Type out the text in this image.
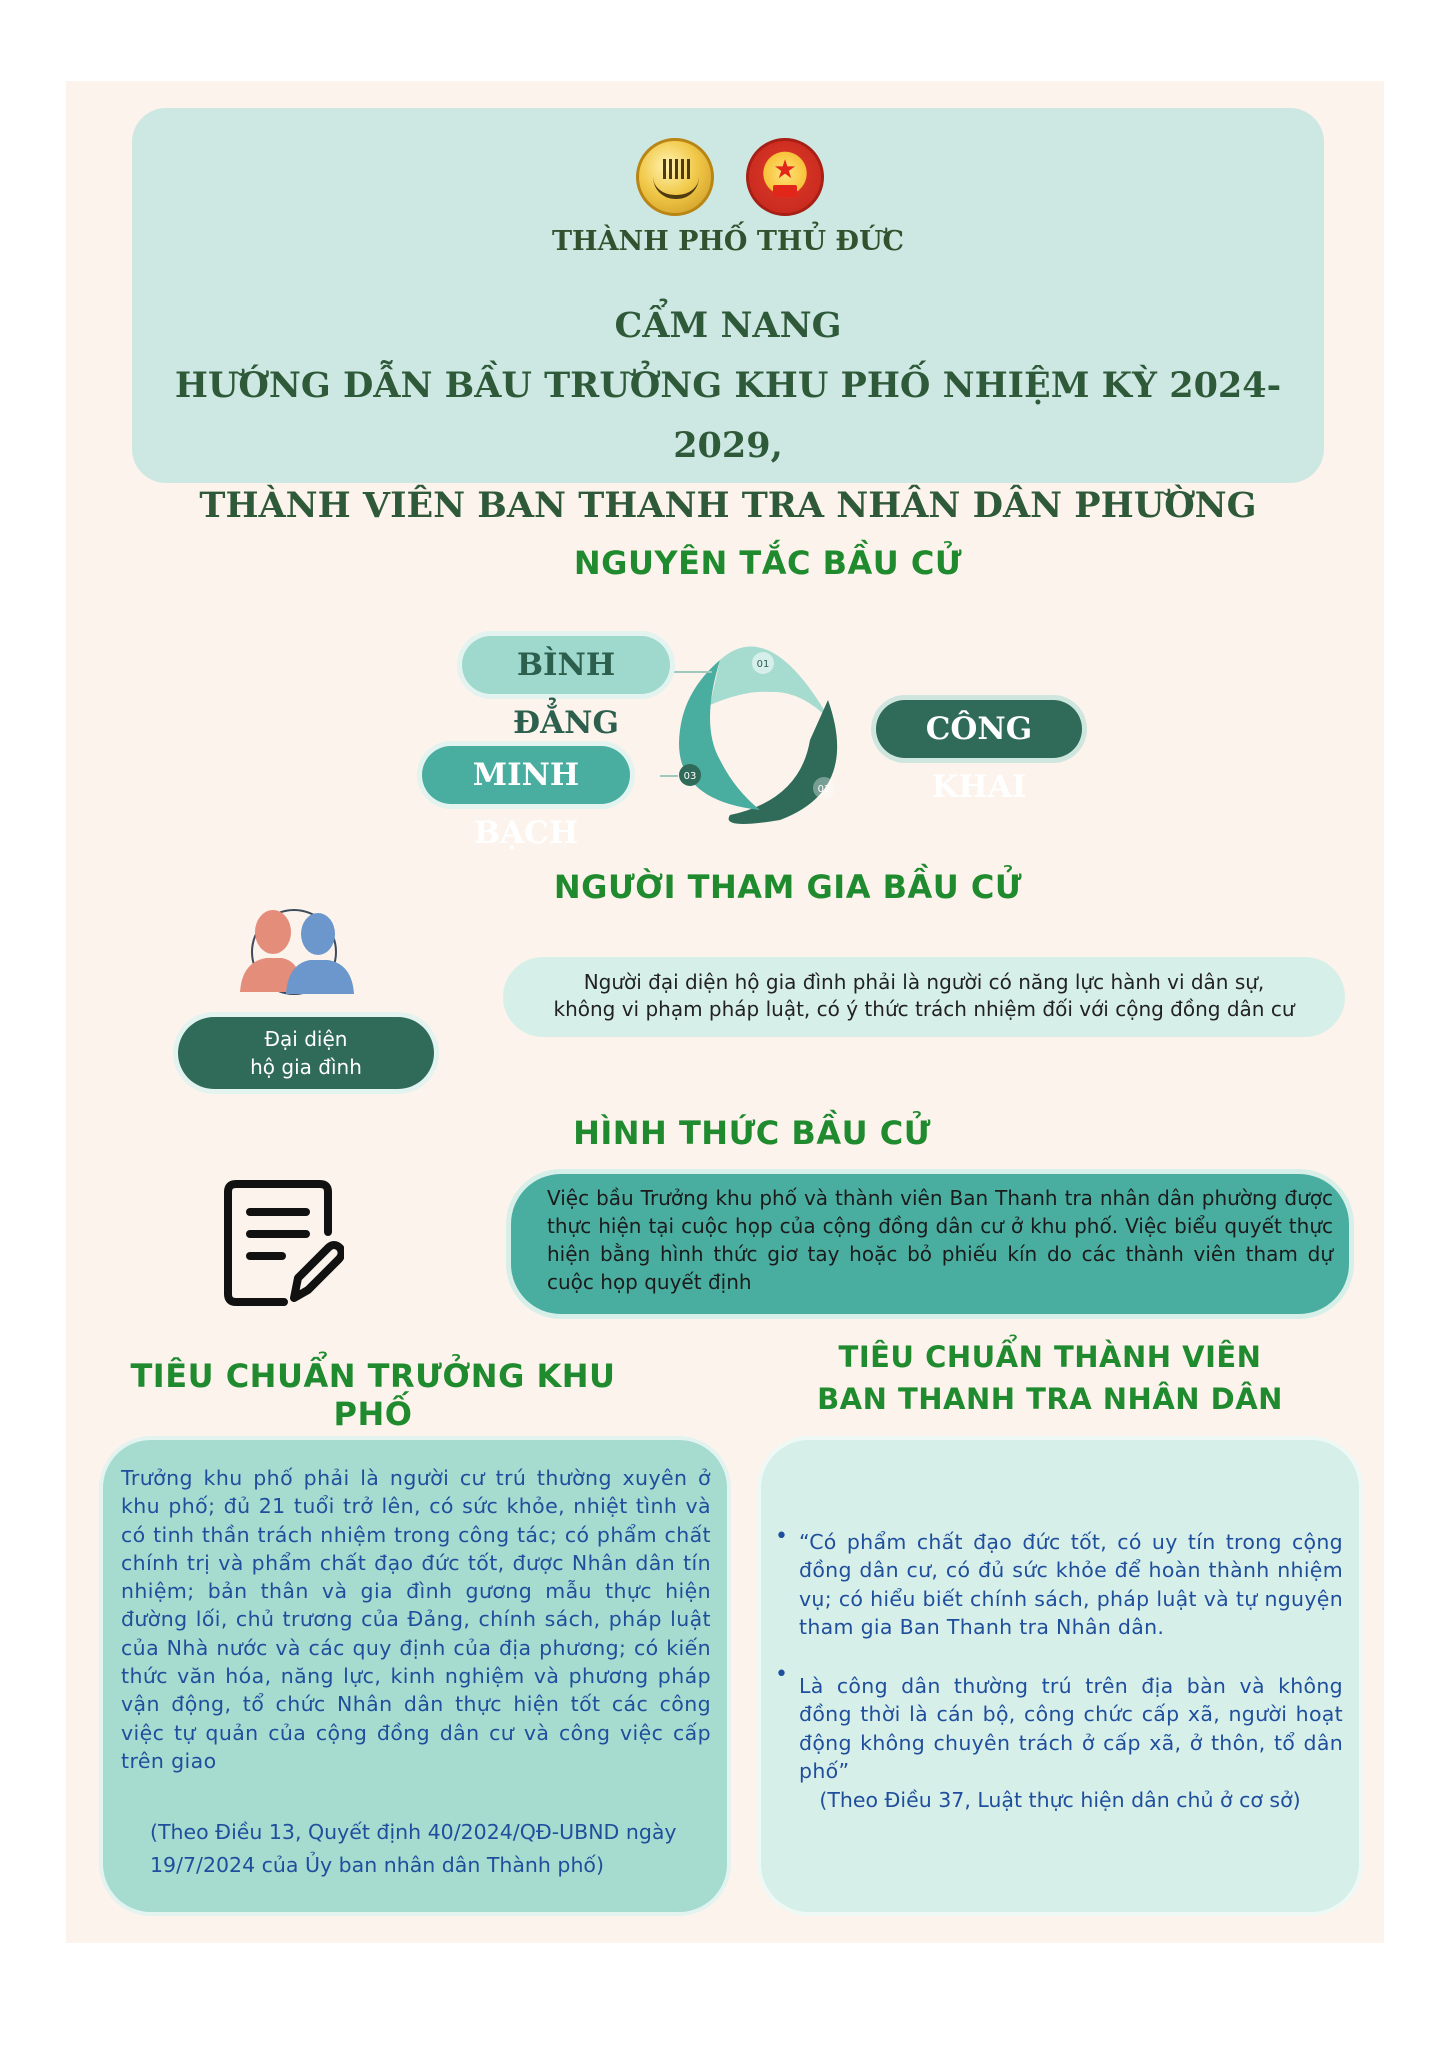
★
THÀNH PHỐ THỦ ĐỨC
CẨM NANG
HƯỚNG DẪN BẦU TRƯỞNG KHU PHỐ NHIỆM KỲ 2024-2029,
THÀNH VIÊN BAN THANH TRA NHÂN DÂN PHƯỜNG
NGUYÊN TẮC BẦU CỬ
01
02
03
BÌNH ĐẲNG	CÔNG KHAI
MINH BẠCH
NGƯỜI THAM GIA BẦU CỬ
Đại diện
hộ gia đình
Người đại diện hộ gia đình phải là người có năng lực hành vi dân sự,
không vi phạm pháp luật, có ý thức trách nhiệm đối với cộng đồng dân cư
HÌNH THỨC BẦU CỬ
Việc bầu Trưởng khu phố và thành viên Ban Thanh tra nhân dân phường được thực hiện tại cuộc họp của cộng đồng dân cư ở khu phố. Việc biểu quyết thực hiện bằng hình thức giơ tay hoặc bỏ phiếu kín do các thành viên tham dự cuộc họp quyết định
TIÊU CHUẨN TRƯỞNG KHU PHỐ
TIÊU CHUẨN THÀNH VIÊN
BAN THANH TRA NHÂN DÂN
Trưởng khu phố phải là người cư trú thường xuyên ở khu phố; đủ 21 tuổi trở lên, có sức khỏe, nhiệt tình và có tinh thần trách nhiệm trong công tác; có phẩm chất chính trị và phẩm chất đạo đức tốt, được Nhân dân tín nhiệm; bản thân và gia đình gương mẫu thực hiện đường lối, chủ trương của Đảng, chính sách, pháp luật của Nhà nước và các quy định của địa phương; có kiến thức văn hóa, năng lực, kinh nghiệm và phương pháp vận động, tổ chức Nhân dân thực hiện tốt các công việc tự quản của cộng đồng dân cư và công việc cấp trên giao
(Theo Điều 13, Quyết định 40/2024/QĐ-UBND ngày
19/7/2024 của Ủy ban nhân dân Thành phố)
• “Có phẩm chất đạo đức tốt, có uy tín trong cộng đồng dân cư, có đủ sức khỏe để hoàn thành nhiệm vụ; có hiểu biết chính sách, pháp luật và tự nguyện tham gia Ban Thanh tra Nhân dân.
• Là công dân thường trú trên địa bàn và không đồng thời là cán bộ, công chức cấp xã, người hoạt động không chuyên trách ở cấp xã, ở thôn, tổ dân phố”
(Theo Điều 37, Luật thực hiện dân chủ ở cơ sở)
